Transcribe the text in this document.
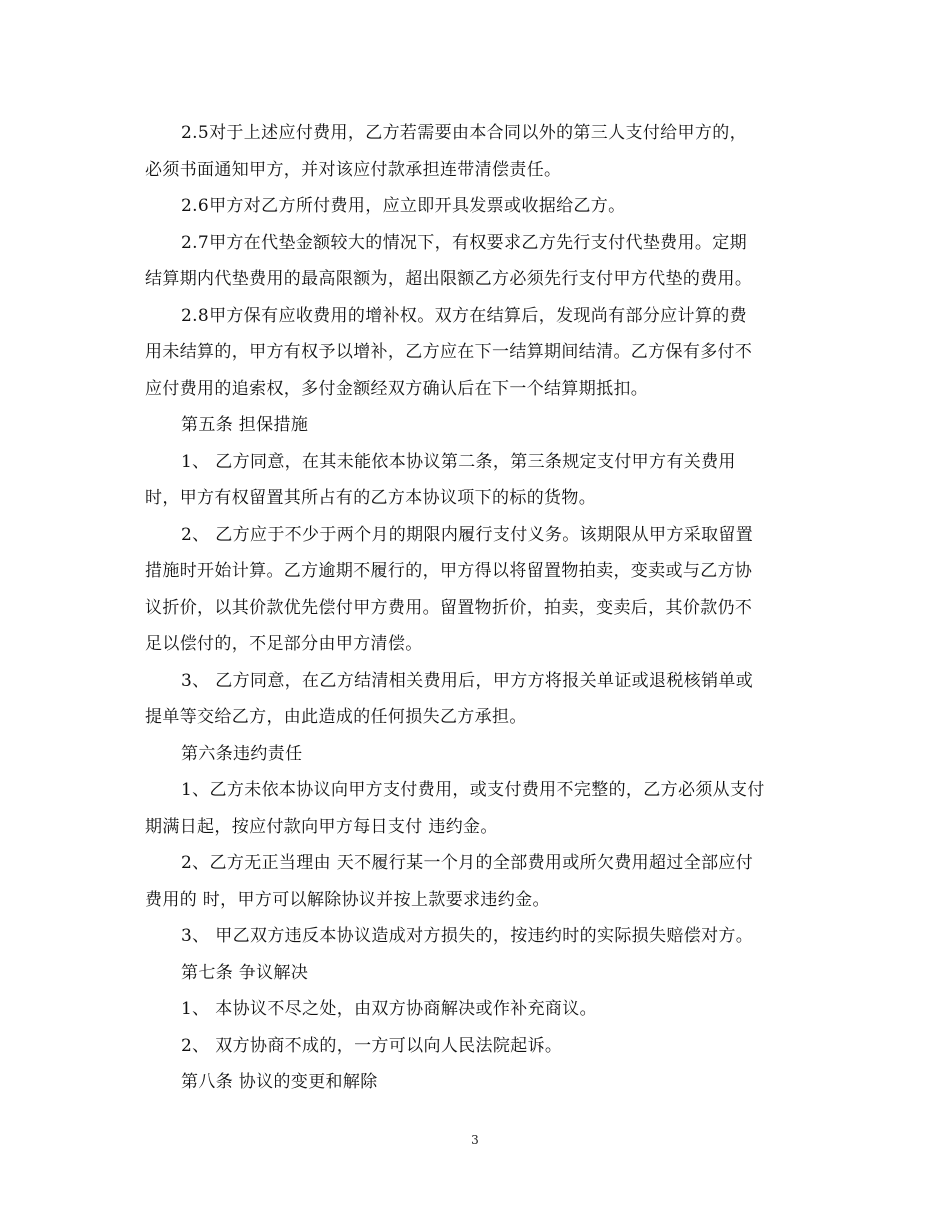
2.5对于上述应付费用，乙方若需要由本合同以外的第三人支付给甲方的，
必须书面通知甲方，并对该应付款承担连带清偿责任。
2.6甲方对乙方所付费用，应立即开具发票或收据给乙方。
2.7甲方在代垫金额较大的情况下，有权要求乙方先行支付代垫费用。定期
结算期内代垫费用的最高限额为，超出限额乙方必须先行支付甲方代垫的费用。
2.8甲方保有应收费用的增补权。双方在结算后，发现尚有部分应计算的费
用未结算的，甲方有权予以增补，乙方应在下一结算期间结清。乙方保有多付不
应付费用的追索权，多付金额经双方确认后在下一个结算期抵扣。
第五条 担保措施
1、 乙方同意，在其未能依本协议第二条，第三条规定支付甲方有关费用
时，甲方有权留置其所占有的乙方本协议项下的标的货物。
2、 乙方应于不少于两个月的期限内履行支付义务。该期限从甲方采取留置
措施时开始计算。乙方逾期不履行的，甲方得以将留置物拍卖，变卖或与乙方协
议折价，以其价款优先偿付甲方费用。留置物折价，拍卖，变卖后，其价款仍不
足以偿付的，不足部分由甲方清偿。
3、 乙方同意，在乙方结清相关费用后，甲方方将报关单证或退税核销单或
提单等交给乙方，由此造成的任何损失乙方承担。
第六条违约责任
1、乙方未依本协议向甲方支付费用，或支付费用不完整的，乙方必须从支付
期满日起，按应付款向甲方每日支付 违约金。
2、乙方无正当理由 天不履行某一个月的全部费用或所欠费用超过全部应付
费用的 时，甲方可以解除协议并按上款要求违约金。
3、 甲乙双方违反本协议造成对方损失的，按违约时的实际损失赔偿对方。
第七条 争议解决
1、 本协议不尽之处，由双方协商解决或作补充商议。
2、 双方协商不成的，一方可以向人民法院起诉。
第八条 协议的变更和解除
3
